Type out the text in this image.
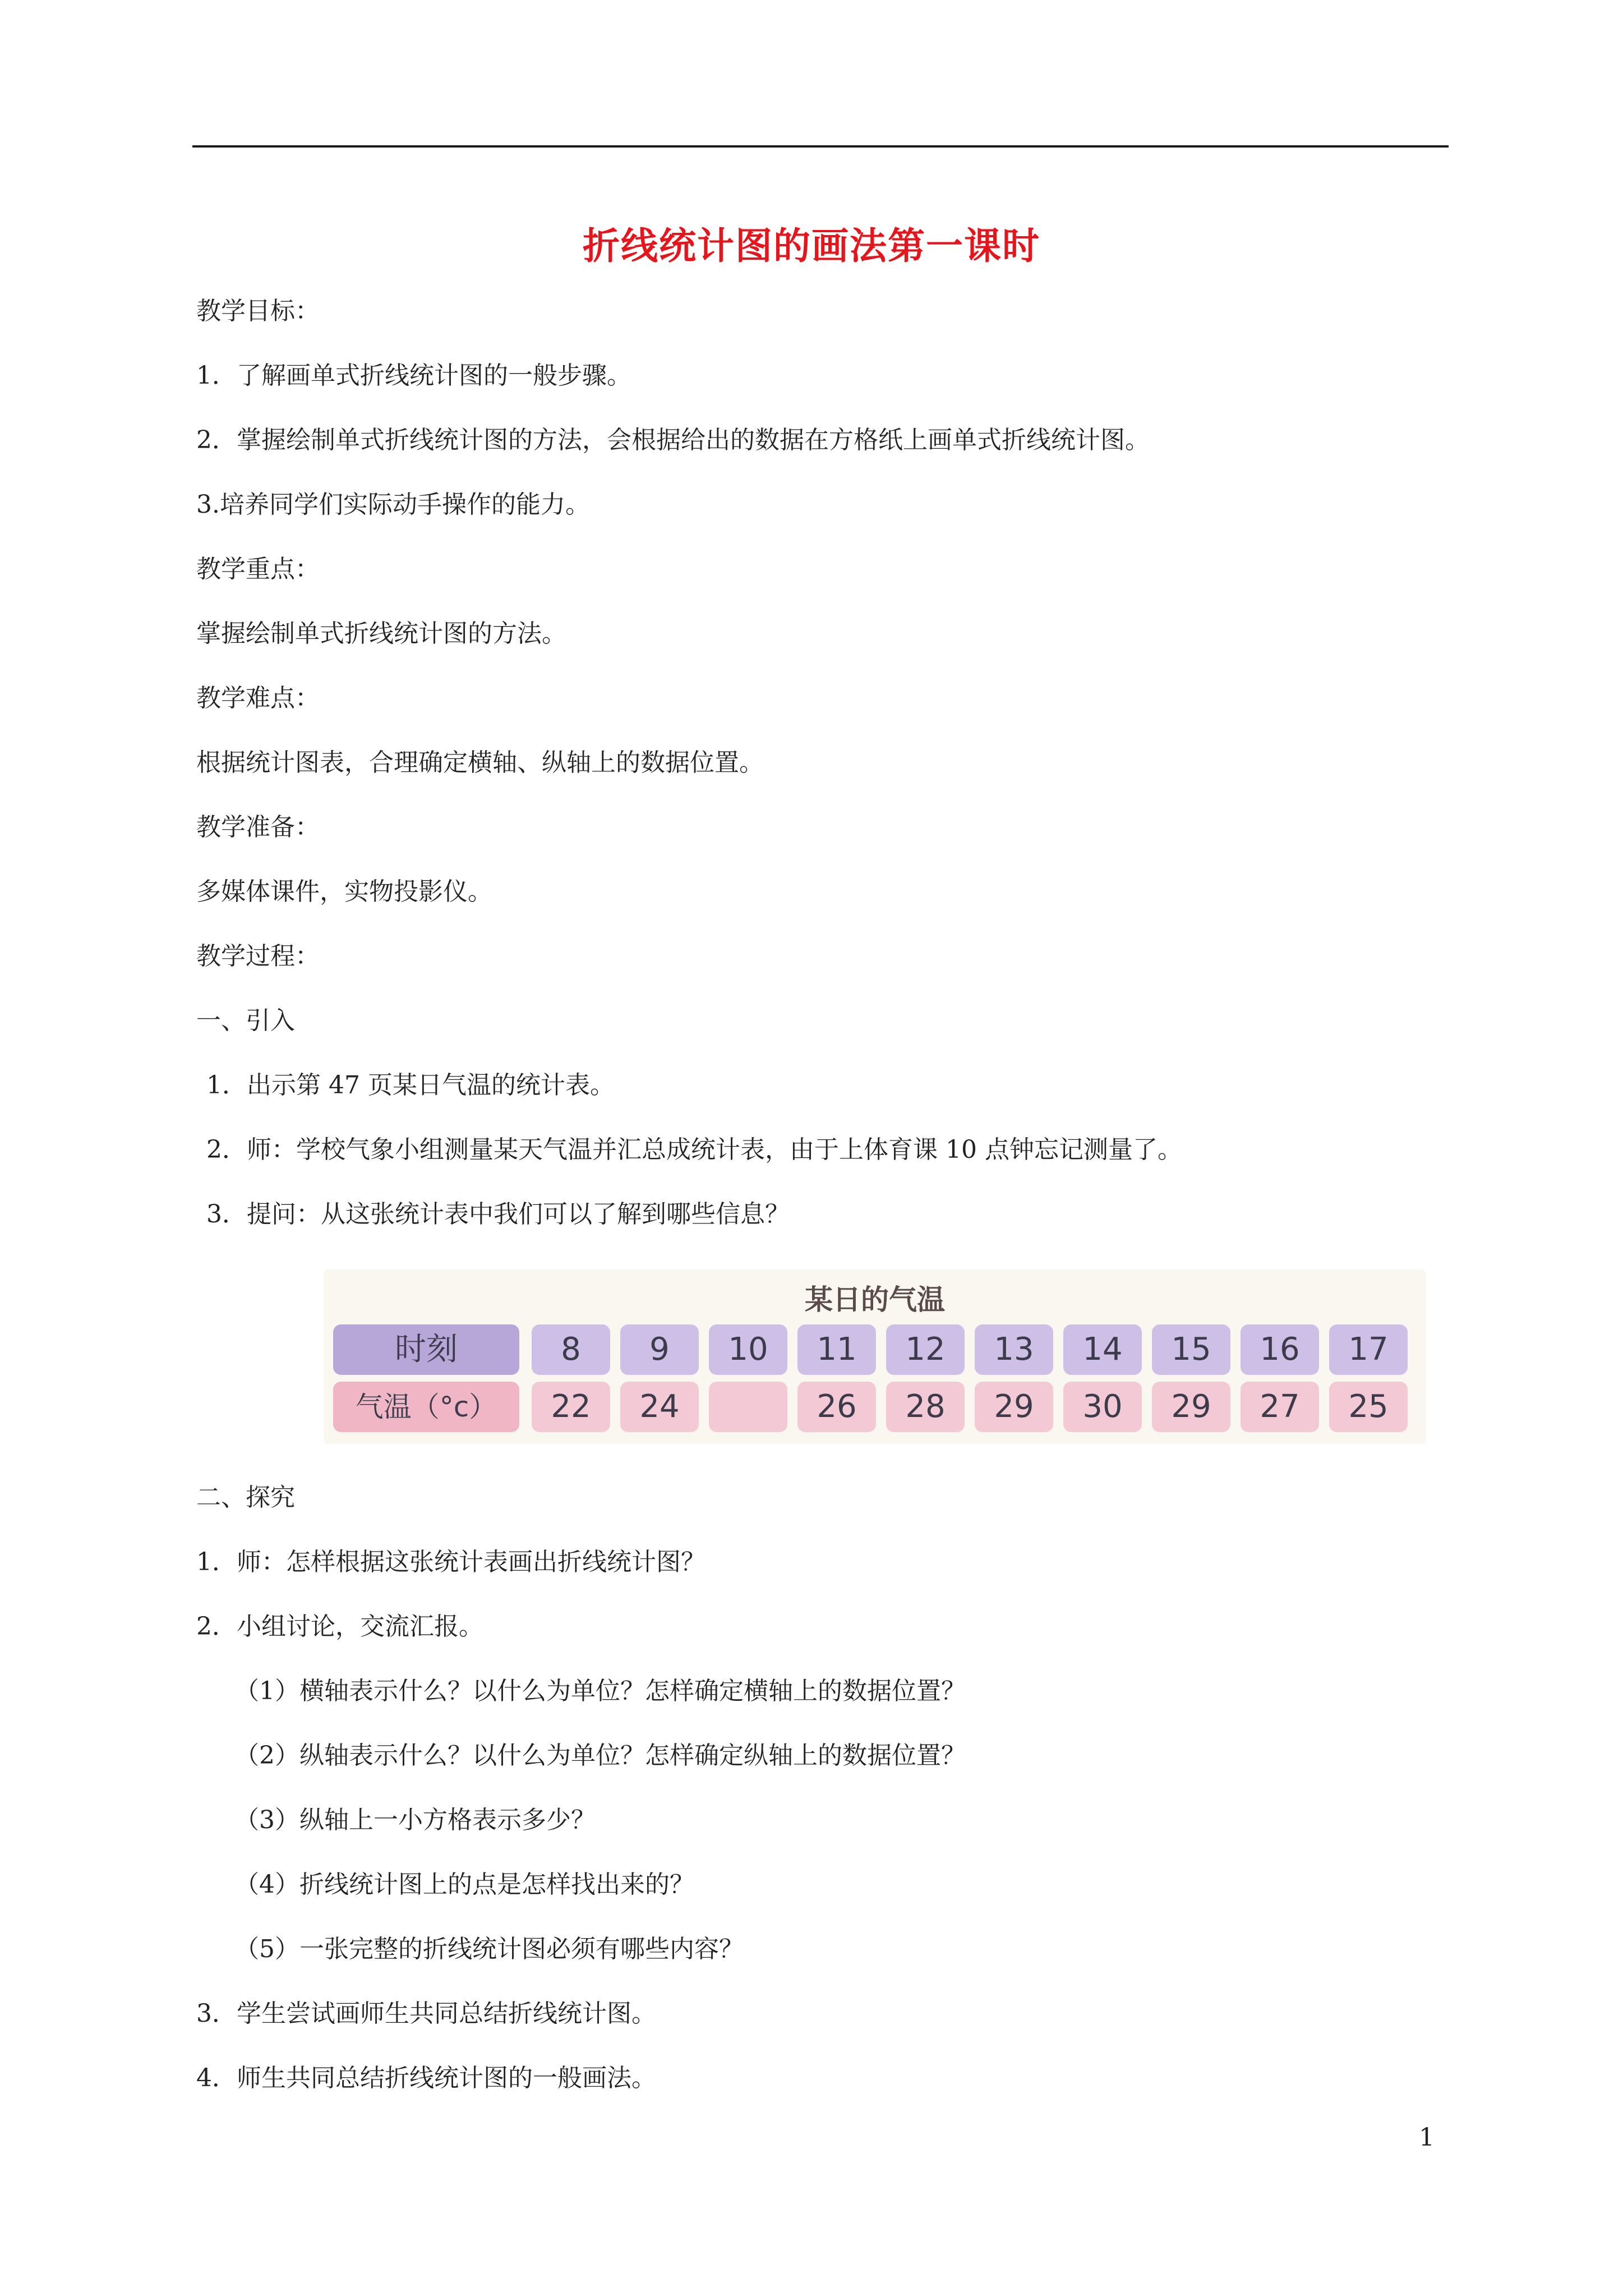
折线统计图的画法第一课时
教学目标：
1．了解画单式折线统计图的一般步骤。
2．掌握绘制单式折线统计图的方法，会根据给出的数据在方格纸上画单式折线统计图。
3.培养同学们实际动手操作的能力。
教学重点：
掌握绘制单式折线统计图的方法。
教学难点：
根据统计图表，合理确定横轴、纵轴上的数据位置。
教学准备：
多媒体课件，实物投影仪。
教学过程：
一、引入
1．出示第 47 页某日气温的统计表。
2．师：学校气象小组测量某天气温并汇总成统计表，由于上体育课 10 点钟忘记测量了。
3．提问：从这张统计表中我们可以了解到哪些信息？
二、探究
1．师：怎样根据这张统计表画出折线统计图？
2．小组讨论，交流汇报。
（1）横轴表示什么？以什么为单位？怎样确定横轴上的数据位置？
（2）纵轴表示什么？以什么为单位？怎样确定纵轴上的数据位置？
（3）纵轴上一小方格表示多少？
（4）折线统计图上的点是怎样找出来的？
（5）一张完整的折线统计图必须有哪些内容？
3．学生尝试画师生共同总结折线统计图。
4．师生共同总结折线统计图的一般画法。
某日的气温
时刻
气温（°c）
8
22
9
24
10	11
26
12
28
13
29
14
30
15
29
16
27
17
25
1
